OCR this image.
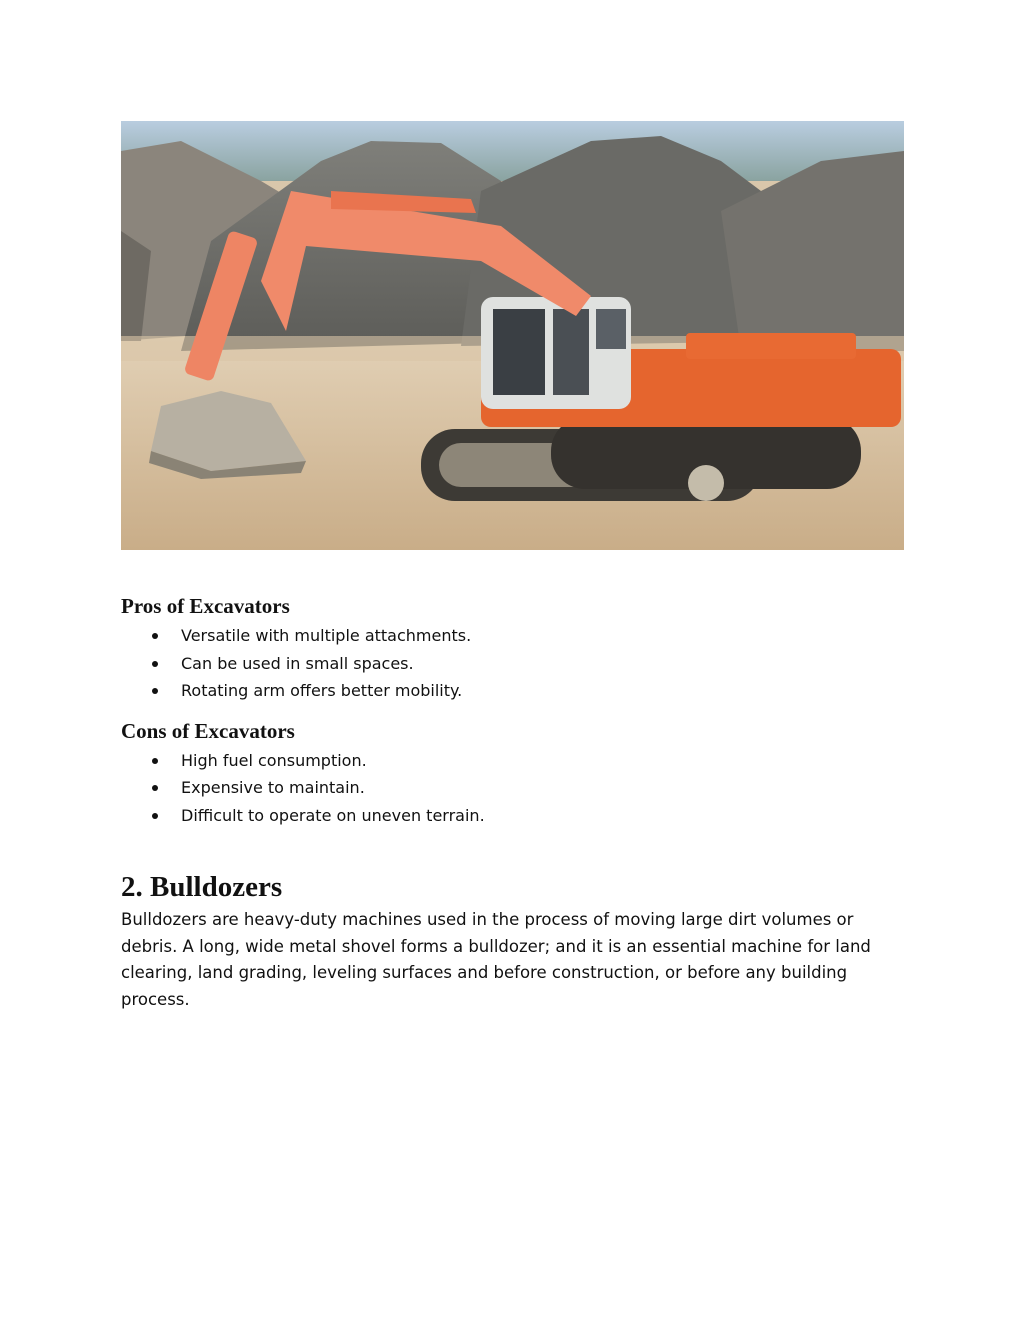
Pros of Excavators
Versatile with multiple attachments.
Can be used in small spaces.
Rotating arm offers better mobility.
Cons of Excavators
High fuel consumption.
Expensive to maintain.
Difficult to operate on uneven terrain.
2. Bulldozers

Bulldozers are heavy-duty machines used in the process of moving large dirt volumes or debris. A long, wide metal shovel forms a bulldozer; and it is an essential machine for land clearing, land grading, leveling surfaces and before construction, or before any building process.
